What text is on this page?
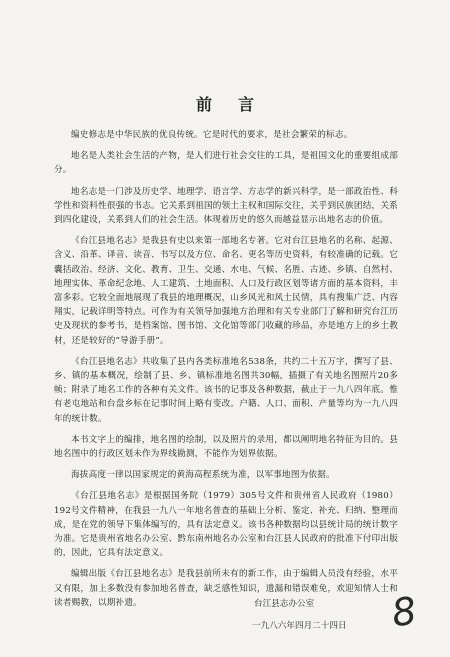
前言

编史修志是中华民族的优良传统。它是时代的要求，是社会繁荣的标志。

地名是人类社会生活的产物，是人们进行社会交往的工具，是祖国文化的重要组成部分。

地名志是一门涉及历史学、地理学、语言学、方志学的新兴科学，是一部政治性、科学性和资料性很强的书志。它关系到祖国的领土主权和国际交往，关乎到民族团结，关系到四化建设，关系到人们的社会生活。体现着历史的悠久而越益显示出地名志的价值。

《台江县地名志》是我县有史以来第一部地名专著。它对台江县地名的名称、起源、含义、沿革、译音、读音、书写以及方位、命名、更名等历史资料，有较准确的记载。它囊括政治、经济、文化、教育、卫生、交通、水电、气候、名胜、古迹、乡镇、自然村、地理实体、革命纪念地、人工建筑、土地面积、人口及行政区划等诸方面的基本资料，丰富多彩。它较全面地展现了我县的地理概况，山乡风光和风土民情，具有搜集广泛、内容翔实，记载详明等特点。可作为有关领导加强地方治理和有关专业部门了解和研究台江历史及现状的参考书，是档案馆、图书馆、文化馆等部门收藏的珍品，亦是地方上的乡土教材，还是较好的“导游手册”。

《台江县地名志》共收集了县内各类标准地名538条，共约二十五万字，撰写了县、乡、镇的基本概况，绘制了县、乡、镇标准地名图共30幅，插摄了有关地名图照片20多帧；附录了地名工作的各种有关文件。该书的记事及各种数据，截止于一九八四年底。惟有老屯地站和台盘乡标在记事时间上略有变改。户籍、人口、面积、产量等均为一九八四年的统计数。

本书文字上的编排，地名图的绘制，以及照片的录用，都以阐明地名特征为目的。县地名图中的行政区划未作为界线勘测，不能作为划界依据。

海拔高度一律以国家规定的黄海高程系统为准，以军事地图为依据。

《台江县地名志》是根据国务院（1979）305号文件和贵州省人民政府（1980）192号文件精神，在我县一九八一年地名普查的基础上分析、鉴定、补充、归纳、整理而成，是在党的领导下集体编写的，具有法定意义。该书各种数据均以县统计局的统计数字为准。它是贵州省地名办公室、黔东南州地名办公室和台江县人民政府的批准下付印出版的，因此，它具有法定意义。

编辑出版《台江县地名志》是我县前所未有的新工作，由于编辑人员没有经验，水平又有限，加上多数没有参加地名普查，缺乏感性知识，遗漏和错误难免，欢迎知情人士和读者赐教，以期补遗。	台江县志办公室
一九八六年四月二十四日 8
